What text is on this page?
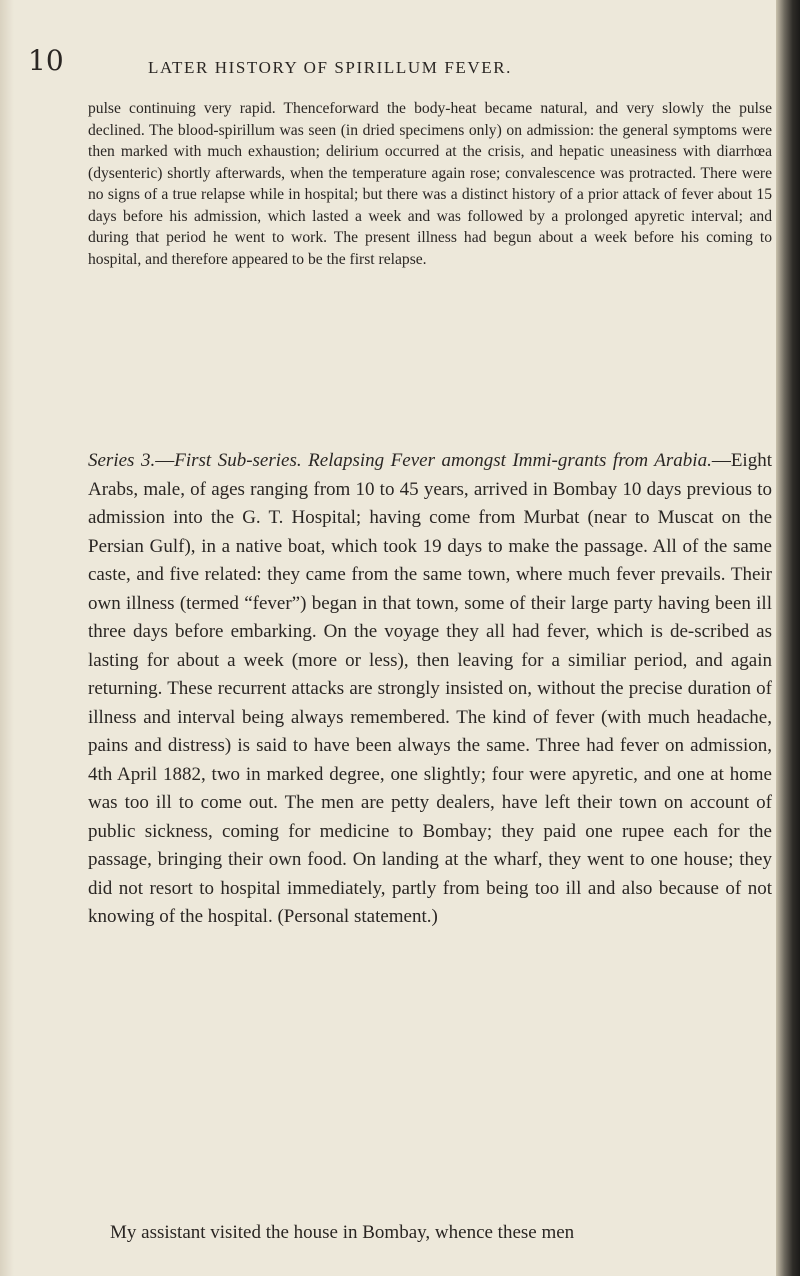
10	LATER HISTORY OF SPIRILLUM FEVER.

pulse continuing very rapid. Thenceforward the body-heat became natural, and very slowly the pulse declined. The blood-spirillum was seen (in dried specimens only) on admission: the general symptoms were then marked with much exhaustion; delirium occurred at the crisis, and hepatic uneasiness with diarrhœa (dysenteric) shortly afterwards, when the temperature again rose; convalescence was protracted. There were no signs of a true relapse while in hospital; but there was a distinct history of a prior attack of fever about 15 days before his admission, which lasted a week and was followed by a prolonged apyretic interval; and during that period he went to work. The present illness had begun about a week before his coming to hospital, and therefore appeared to be the first relapse.

Series 3.—First Sub-series. Relapsing Fever amongst Immi-grants from Arabia.—Eight Arabs, male, of ages ranging from 10 to 45 years, arrived in Bombay 10 days previous to admission into the G. T. Hospital; having come from Murbat (near to Muscat on the Persian Gulf), in a native boat, which took 19 days to make the passage. All of the same caste, and five related: they came from the same town, where much fever prevails. Their own illness (termed “fever”) began in that town, some of their large party having been ill three days before embarking. On the voyage they all had fever, which is de-scribed as lasting for about a week (more or less), then leaving for a similiar period, and again returning. These recurrent attacks are strongly insisted on, without the precise duration of illness and interval being always remembered. The kind of fever (with much headache, pains and distress) is said to have been always the same. Three had fever on admission, 4th April 1882, two in marked degree, one slightly; four were apyretic, and one at home was too ill to come out. The men are petty dealers, have left their town on account of public sickness, coming for medicine to Bombay; they paid one rupee each for the passage, bringing their own food. On landing at the wharf, they went to one house; they did not resort to hospital immediately, partly from being too ill and also because of not knowing of the hospital. (Personal statement.)

My assistant visited the house in Bombay, whence these men
